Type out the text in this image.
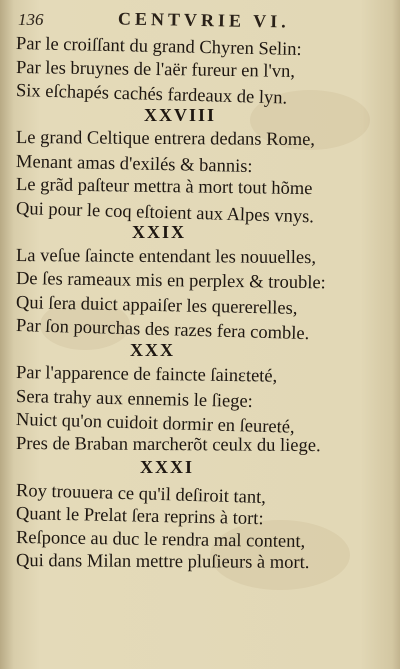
136	CENTVRIE VI.
Par le croiſſant du grand Chyren Selin:
Par les bruynes de l'aër fureur en l'vn,
Six eſchapés cachés fardeaux de lyn.
XXVIII
Le grand Celtique entrera dedans Rome,
Menant amas d'exilés & bannis:
Le grãd paſteur mettra à mort tout hõme
Qui pour le coq eſtoient aux Alpes vnys.
XXIX
La veſue ſaincte entendant les nouuelles,
De ſes rameaux mis en perplex & trouble:
Qui ſera duict appaiſer les quererelles,
Par ſon pourchas des razes fera comble.
XXX
Par l'apparence de faincte ſainɛteté,
Sera trahy aux ennemis le ſiege:
Nuict qu'on cuidoit dormir en ſeureté,
Pres de Braban marcherõt ceulx du liege.
XXXI
Roy trouuera ce qu'il deſiroit tant,
Quant le Prelat ſera reprins à tort:
Reſponce au duc le rendra mal content,
Qui dans Milan mettre pluſieurs à mort.
